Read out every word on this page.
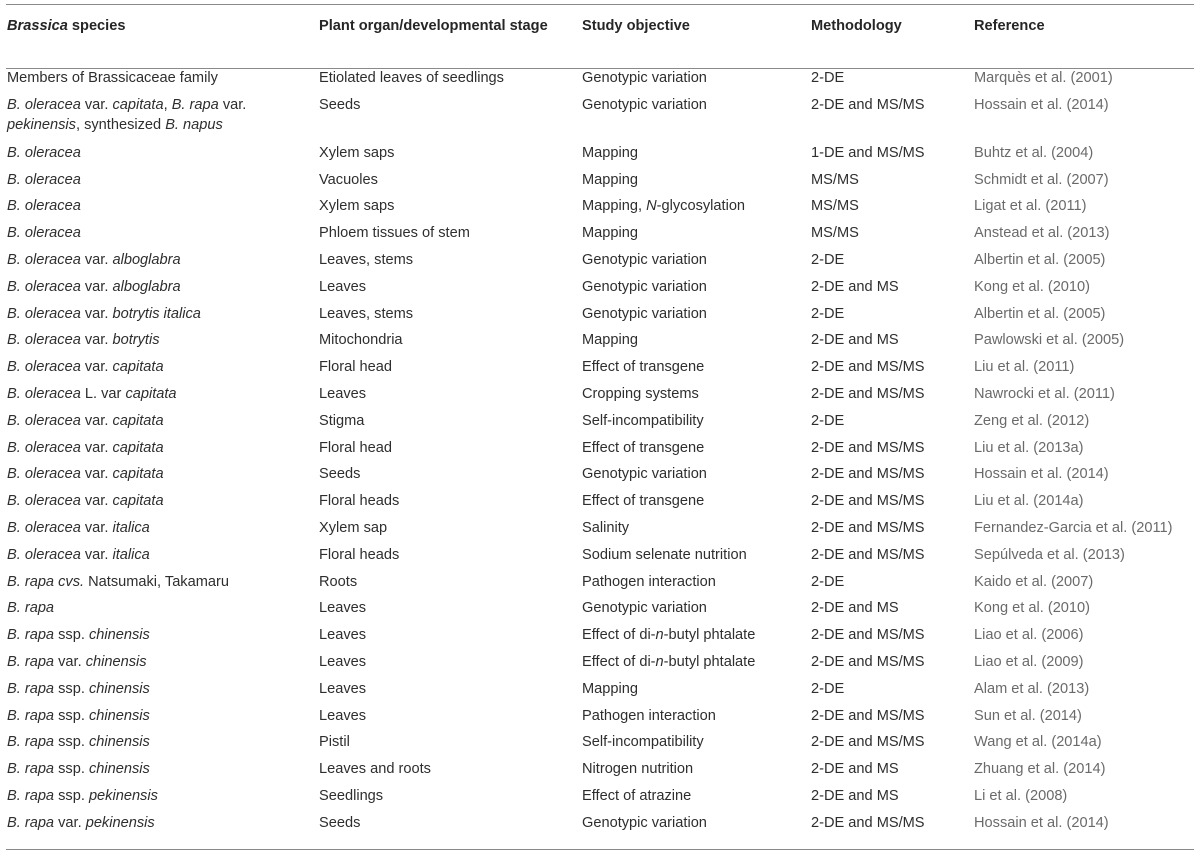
Brassica species	Plant organ/developmental stage	Study objective	Methodology	Reference

Members of Brassicaceae family	Etiolated leaves of seedlings	Genotypic variation	2-DE	Marquès et al. (2001)
B. oleracea var. capitata, B. rapa var. pekinensis, synthesized B. napus	Seeds	Genotypic variation	2-DE and MS/MS	Hossain et al. (2014)
B. oleracea	Xylem saps	Mapping	1-DE and MS/MS	Buhtz et al. (2004)
B. oleracea	Vacuoles	Mapping	MS/MS	Schmidt et al. (2007)
B. oleracea	Xylem saps	Mapping, N-glycosylation	MS/MS	Ligat et al. (2011)
B. oleracea	Phloem tissues of stem	Mapping	MS/MS	Anstead et al. (2013)
B. oleracea var. alboglabra	Leaves, stems	Genotypic variation	2-DE	Albertin et al. (2005)
B. oleracea var. alboglabra	Leaves	Genotypic variation	2-DE and MS	Kong et al. (2010)
B. oleracea var. botrytis italica	Leaves, stems	Genotypic variation	2-DE	Albertin et al. (2005)
B. oleracea var. botrytis	Mitochondria	Mapping	2-DE and MS	Pawlowski et al. (2005)
B. oleracea var. capitata	Floral head	Effect of transgene	2-DE and MS/MS	Liu et al. (2011)
B. oleracea L. var capitata	Leaves	Cropping systems	2-DE and MS/MS	Nawrocki et al. (2011)
B. oleracea var. capitata	Stigma	Self-incompatibility	2-DE	Zeng et al. (2012)
B. oleracea var. capitata	Floral head	Effect of transgene	2-DE and MS/MS	Liu et al. (2013a)
B. oleracea var. capitata	Seeds	Genotypic variation	2-DE and MS/MS	Hossain et al. (2014)
B. oleracea var. capitata	Floral heads	Effect of transgene	2-DE and MS/MS	Liu et al. (2014a)
B. oleracea var. italica	Xylem sap	Salinity	2-DE and MS/MS	Fernandez-Garcia et al. (2011)
B. oleracea var. italica	Floral heads	Sodium selenate nutrition	2-DE and MS/MS	Sepúlveda et al. (2013)
B. rapa cvs. Natsumaki, Takamaru	Roots	Pathogen interaction	2-DE	Kaido et al. (2007)
B. rapa	Leaves	Genotypic variation	2-DE and MS	Kong et al. (2010)
B. rapa ssp. chinensis	Leaves	Effect of di-n-butyl phtalate	2-DE and MS/MS	Liao et al. (2006)
B. rapa var. chinensis	Leaves	Effect of di-n-butyl phtalate	2-DE and MS/MS	Liao et al. (2009)
B. rapa ssp. chinensis	Leaves	Mapping	2-DE	Alam et al. (2013)
B. rapa ssp. chinensis	Leaves	Pathogen interaction	2-DE and MS/MS	Sun et al. (2014)
B. rapa ssp. chinensis	Pistil	Self-incompatibility	2-DE and MS/MS	Wang et al. (2014a)
B. rapa ssp. chinensis	Leaves and roots	Nitrogen nutrition	2-DE and MS	Zhuang et al. (2014)
B. rapa ssp. pekinensis	Seedlings	Effect of atrazine	2-DE and MS	Li et al. (2008)
B. rapa var. pekinensis	Seeds	Genotypic variation	2-DE and MS/MS	Hossain et al. (2014)
